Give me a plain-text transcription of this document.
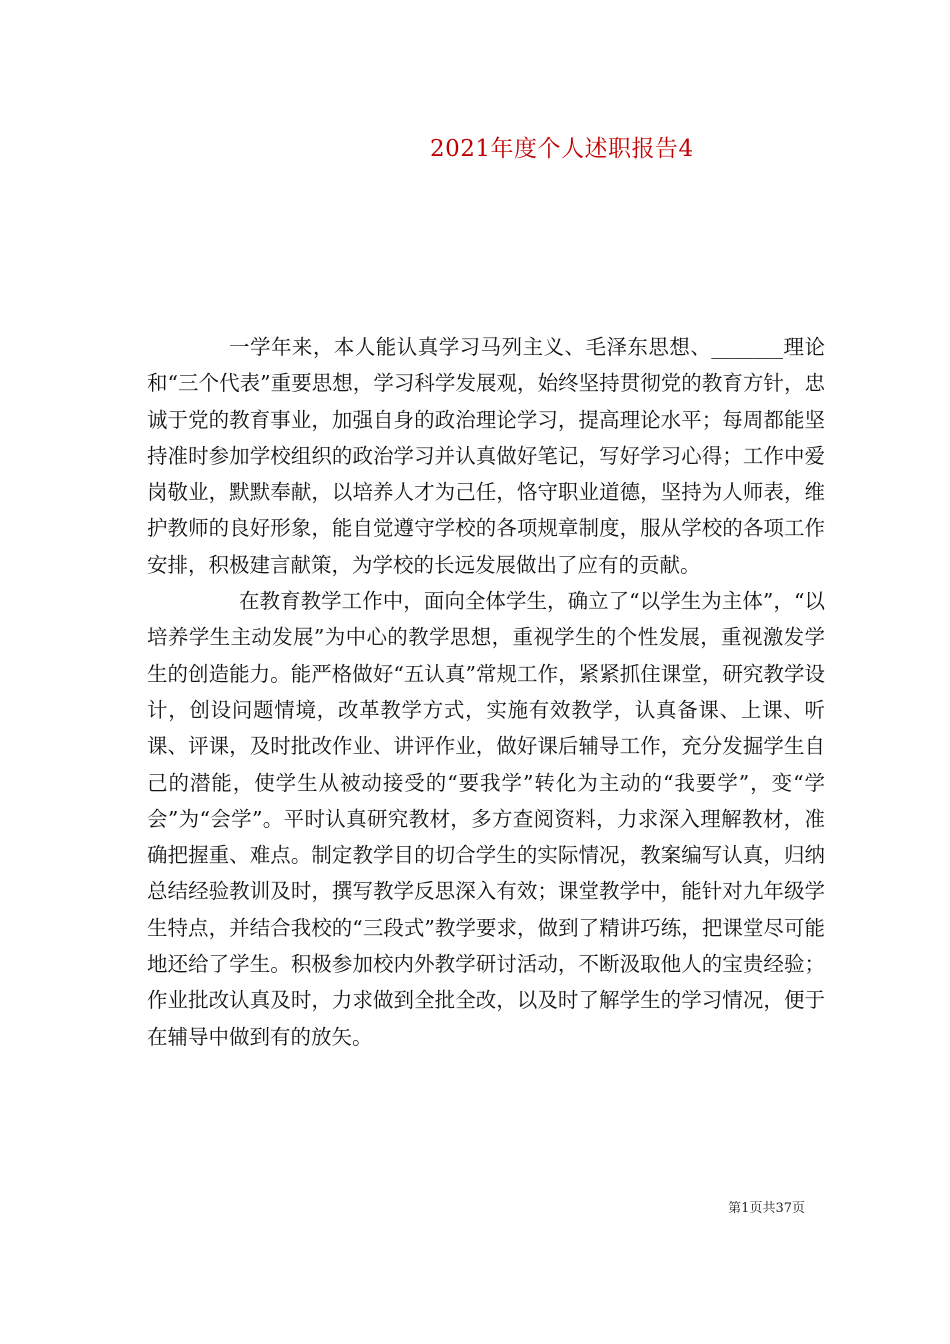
2021年度个人述职报告4

一学年来，本人能认真学习马列主义、毛泽东思想、_______理论和“三个代表”重要思想，学习科学发展观，始终坚持贯彻党的教育方针，忠诚于党的教育事业，加强自身的政治理论学习，提高理论水平；每周都能坚持准时参加学校组织的政治学习并认真做好笔记，写好学习心得；工作中爱岗敬业，默默奉献，以培养人才为己任，恪守职业道德，坚持为人师表，维护教师的良好形象，能自觉遵守学校的各项规章制度，服从学校的各项工作安排，积极建言献策，为学校的长远发展做出了应有的贡献。

在教育教学工作中，面向全体学生，确立了“以学生为主体”，“以培养学生主动发展”为中心的教学思想，重视学生的个性发展，重视激发学生的创造能力。能严格做好“五认真”常规工作，紧紧抓住课堂，研究教学设计，创设问题情境，改革教学方式，实施有效教学，认真备课、上课、听课、评课，及时批改作业、讲评作业，做好课后辅导工作，充分发掘学生自己的潜能，使学生从被动接受的“要我学”转化为主动的“我要学”，变“学会”为“会学”。平时认真研究教材，多方查阅资料，力求深入理解教材，准确把握重、难点。制定教学目的切合学生的实际情况，教案编写认真，归纳总结经验教训及时，撰写教学反思深入有效；课堂教学中，能针对九年级学生特点，并结合我校的“三段式”教学要求，做到了精讲巧练，把课堂尽可能地还给了学生。积极参加校内外教学研讨活动，不断汲取他人的宝贵经验；作业批改认真及时，力求做到全批全改，以及时了解学生的学习情况，便于在辅导中做到有的放矢。

第1页共37页
